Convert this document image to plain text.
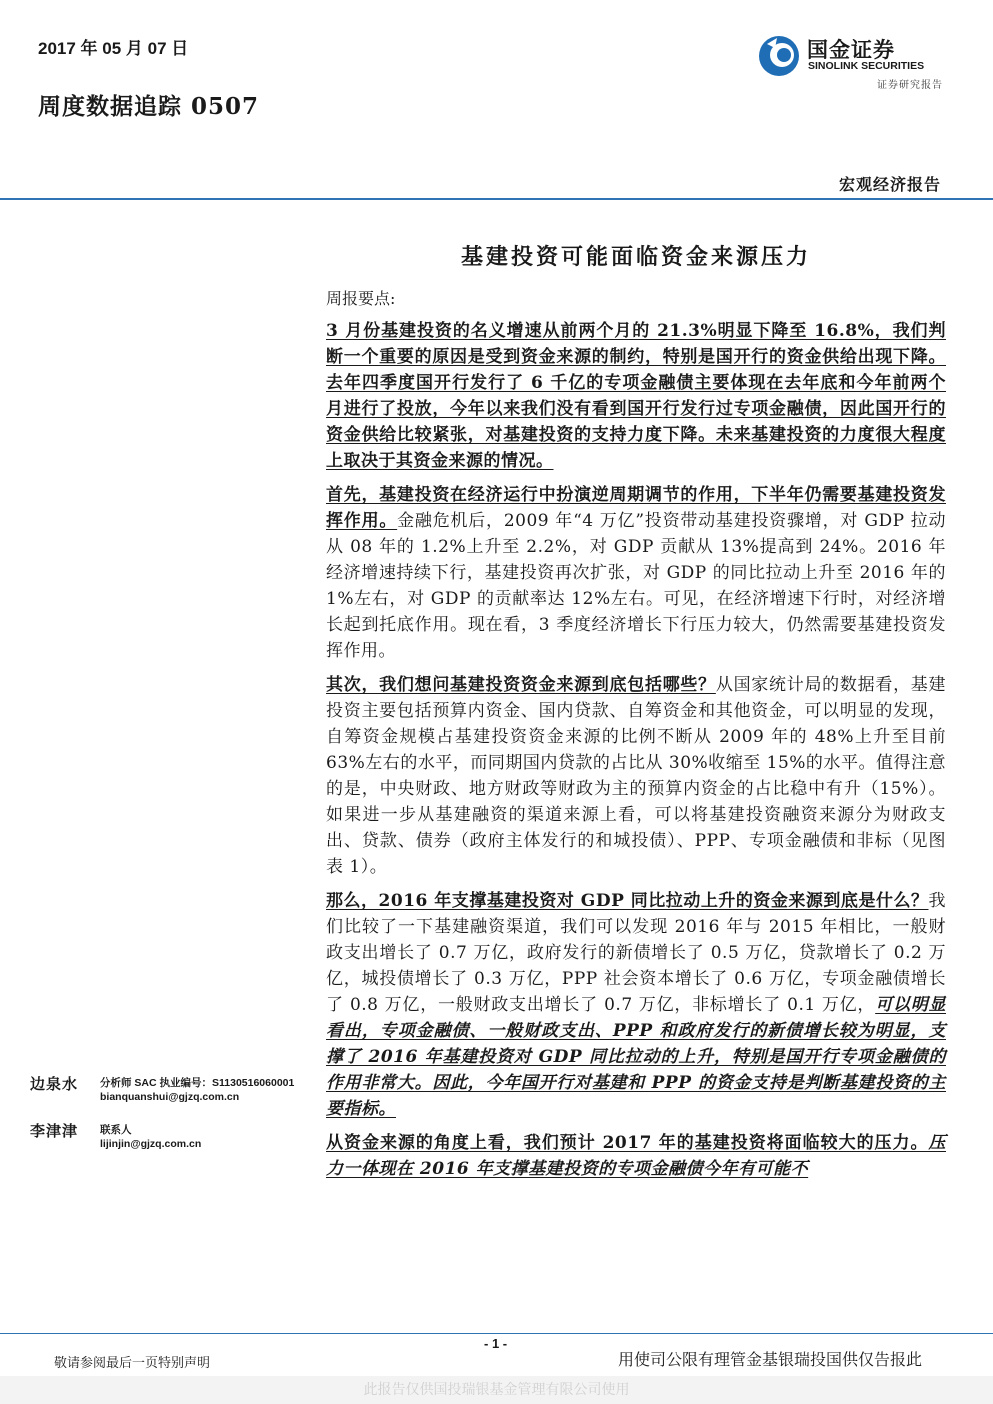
2017 年 05 月 07 日
周度数据追踪 0507
国金证券
SINOLINK SECURITIES
证券研究报告
宏观经济报告
基建投资可能面临资金来源压力
周报要点:

3 月份基建投资的名义增速从前两个月的 21.3%明显下降至 16.8%，我们判断一个重要的原因是受到资金来源的制约，特别是国开行的资金供给出现下降。去年四季度国开行发行了 6 千亿的专项金融债主要体现在去年底和今年前两个月进行了投放，今年以来我们没有看到国开行发行过专项金融债，因此国开行的资金供给比较紧张，对基建投资的支持力度下降。未来基建投资的力度很大程度上取决于其资金来源的情况。

首先，基建投资在经济运行中扮演逆周期调节的作用，下半年仍需要基建投资发挥作用。金融危机后，2009 年“4 万亿”投资带动基建投资骤增，对 GDP 拉动从 08 年的 1.2%上升至 2.2%，对 GDP 贡献从 13%提高到 24%。2016 年经济增速持续下行，基建投资再次扩张，对 GDP 的同比拉动上升至 2016 年的 1%左右，对 GDP 的贡献率达 12%左右。可见，在经济增速下行时，对经济增长起到托底作用。现在看，3 季度经济增长下行压力较大，仍然需要基建投资发挥作用。

其次，我们想问基建投资资金来源到底包括哪些？从国家统计局的数据看，基建投资主要包括预算内资金、国内贷款、自筹资金和其他资金，可以明显的发现，自筹资金规模占基建投资资金来源的比例不断从 2009 年的 48%上升至目前 63%左右的水平，而同期国内贷款的占比从 30%收缩至 15%的水平。值得注意的是，中央财政、地方财政等财政为主的预算内资金的占比稳中有升（15%）。如果进一步从基建融资的渠道来源上看，可以将基建投资融资来源分为财政支出、贷款、债券（政府主体发行的和城投债）、PPP、专项金融债和非标（见图表 1）。

那么，2016 年支撑基建投资对 GDP 同比拉动上升的资金来源到底是什么？我们比较了一下基建融资渠道，我们可以发现 2016 年与 2015 年相比，一般财政支出增长了 0.7 万亿，政府发行的新债增长了 0.5 万亿，贷款增长了 0.2 万亿，城投债增长了 0.3 万亿，PPP 社会资本增长了 0.6 万亿，专项金融债增长了 0.8 万亿，一般财政支出增长了 0.7 万亿，非标增长了 0.1 万亿，可以明显看出，专项金融债、一般财政支出、PPP 和政府发行的新债增长较为明显，支撑了 2016 年基建投资对 GDP 同比拉动的上升，特别是国开行专项金融债的作用非常大。因此，今年国开行对基建和 PPP 的资金支持是判断基建投资的主要指标。

从资金来源的角度上看，我们预计 2017 年的基建投资将面临较大的压力。压力一体现在 2016 年支撑基建投资的专项金融债今年有可能不

边泉水 分析师 SAC 执业编号：S1130516060001
bianquanshui@gjzq.com.cn
李津津 联系人
lijinjin@gjzq.com.cn
- 1 -
敬请参阅最后一页特别声明	用使司公限有理管金基银瑞投国供仅告报此
此报告仅供国投瑞银基金管理有限公司使用
